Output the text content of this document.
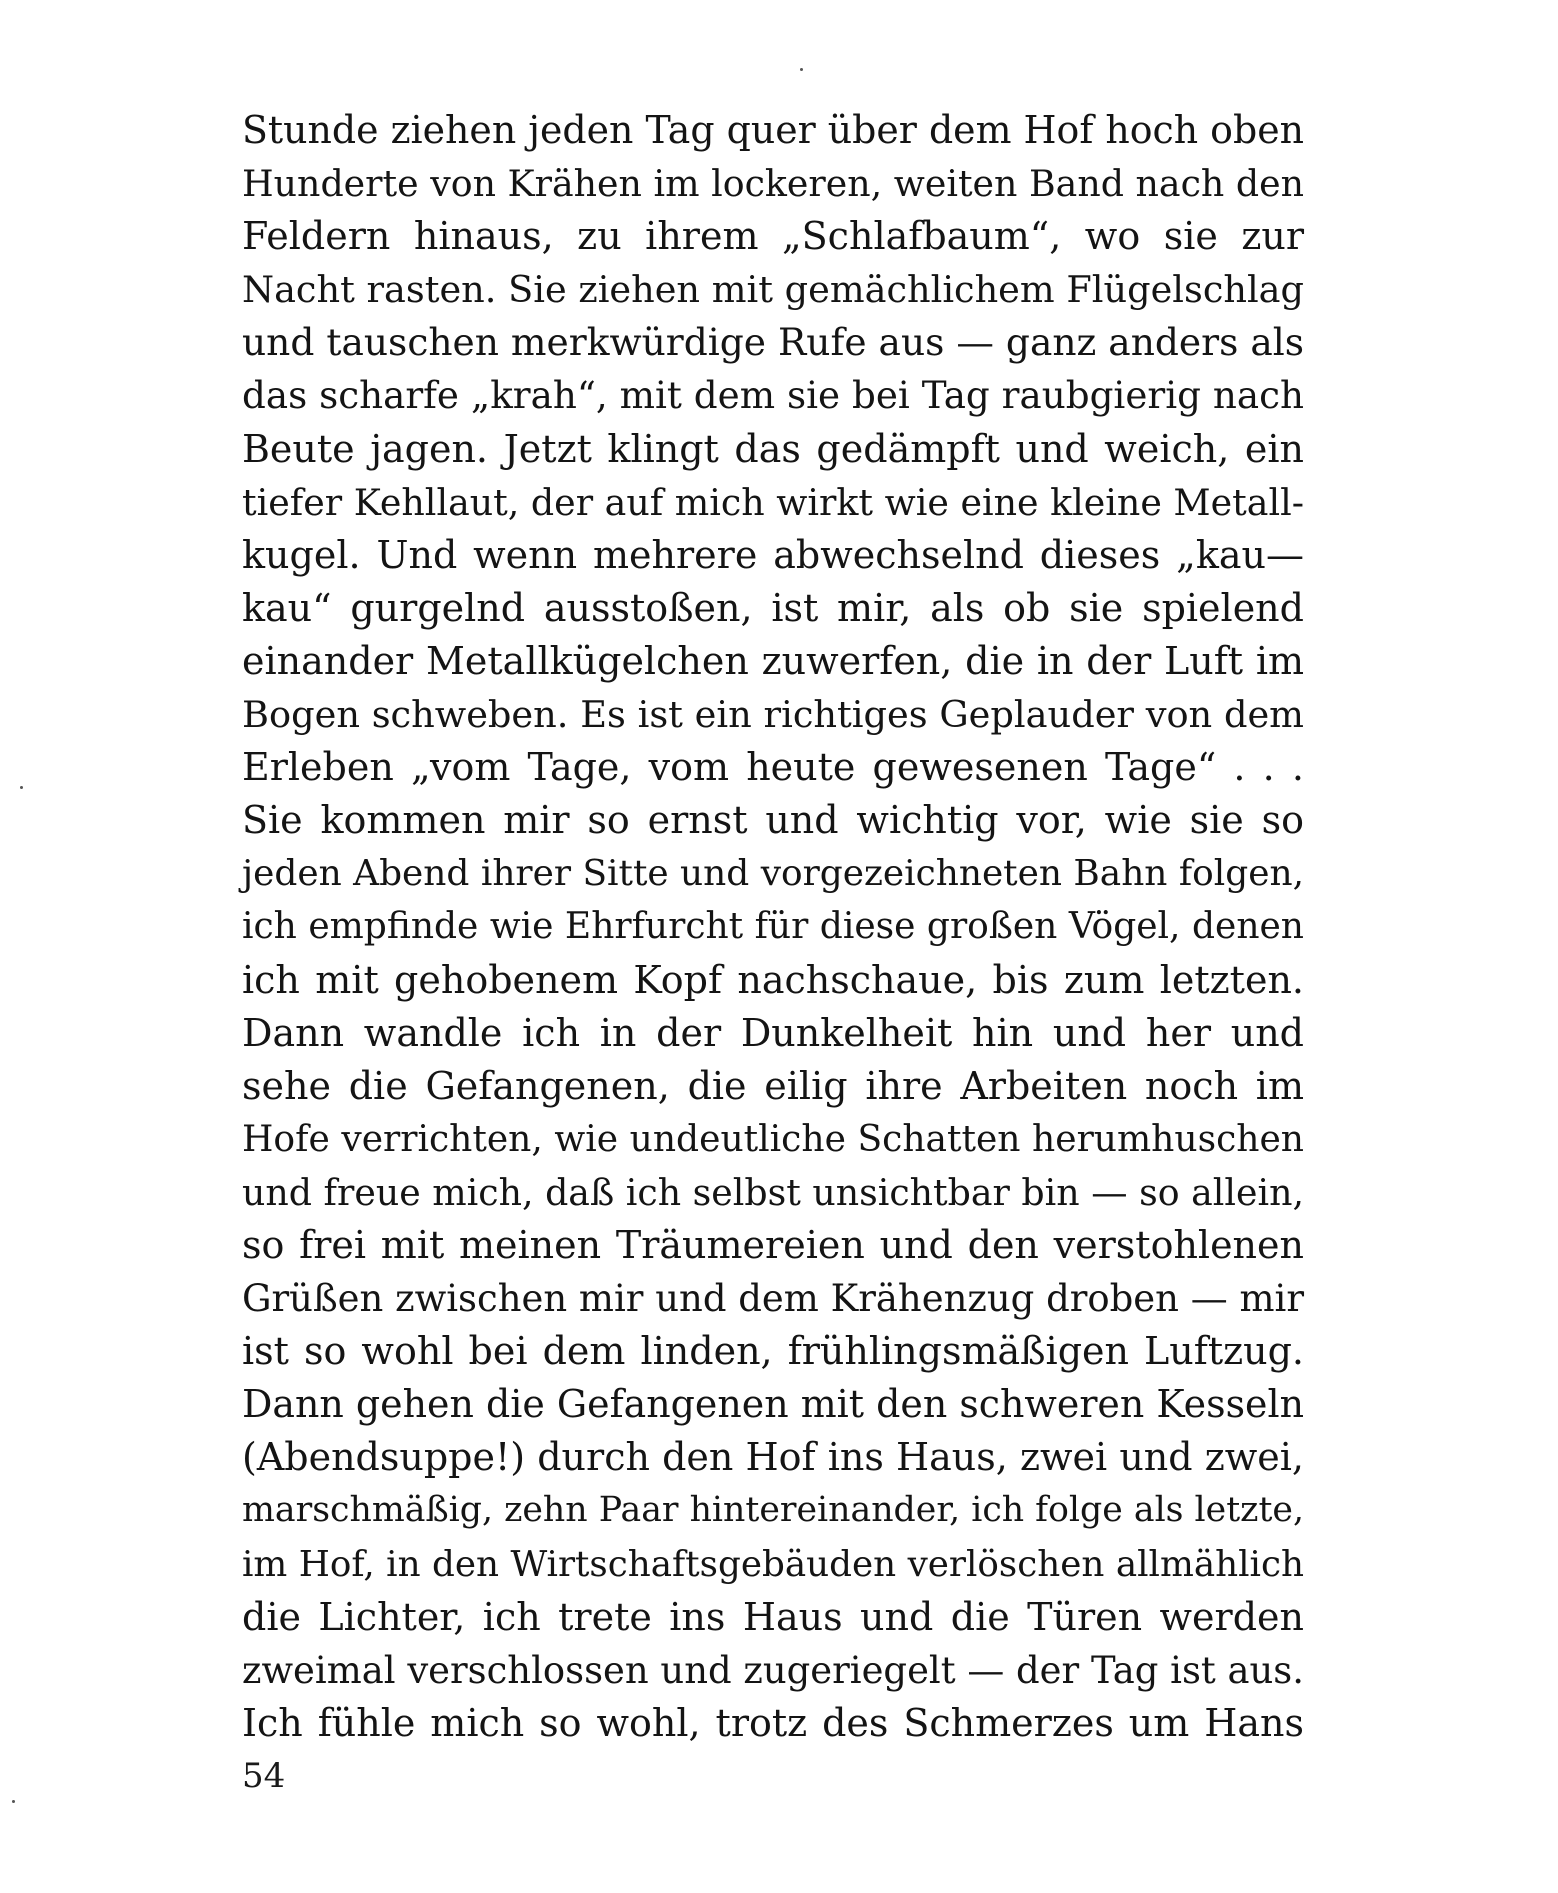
Stunde ziehen jeden Tag quer über dem Hof hoch oben
Hunderte von Krähen im lockeren, weiten Band nach den
Feldern hinaus, zu ihrem „Schlafbaum“, wo sie zur
Nacht rasten. Sie ziehen mit gemächlichem Flügelschlag
und tauschen merkwürdige Rufe aus — ganz anders als
das scharfe „krah“, mit dem sie bei Tag raubgierig nach
Beute jagen. Jetzt klingt das gedämpft und weich, ein
tiefer Kehllaut, der auf mich wirkt wie eine kleine Metall-
kugel. Und wenn mehrere abwechselnd dieses „kau—
kau“ gurgelnd ausstoßen, ist mir, als ob sie spielend
einander Metallkügelchen zuwerfen, die in der Luft im
Bogen schweben. Es ist ein richtiges Geplauder von dem
Erleben „vom Tage, vom heute gewesenen Tage“ . . .
Sie kommen mir so ernst und wichtig vor, wie sie so
jeden Abend ihrer Sitte und vorgezeichneten Bahn folgen,
ich empfinde wie Ehrfurcht für diese großen Vögel, denen
ich mit gehobenem Kopf nachschaue, bis zum letzten.
Dann wandle ich in der Dunkelheit hin und her und
sehe die Gefangenen, die eilig ihre Arbeiten noch im
Hofe verrichten, wie undeutliche Schatten herumhuschen
und freue mich, daß ich selbst unsichtbar bin — so allein,
so frei mit meinen Träumereien und den verstohlenen
Grüßen zwischen mir und dem Krähenzug droben — mir
ist so wohl bei dem linden, frühlingsmäßigen Luftzug.
Dann gehen die Gefangenen mit den schweren Kesseln
(Abendsuppe!) durch den Hof ins Haus, zwei und zwei,
marschmäßig, zehn Paar hintereinander, ich folge als letzte,
im Hof, in den Wirtschaftsgebäuden verlöschen allmählich
die Lichter, ich trete ins Haus und die Türen werden
zweimal verschlossen und zugeriegelt — der Tag ist aus.
Ich fühle mich so wohl, trotz des Schmerzes um Hans
54
